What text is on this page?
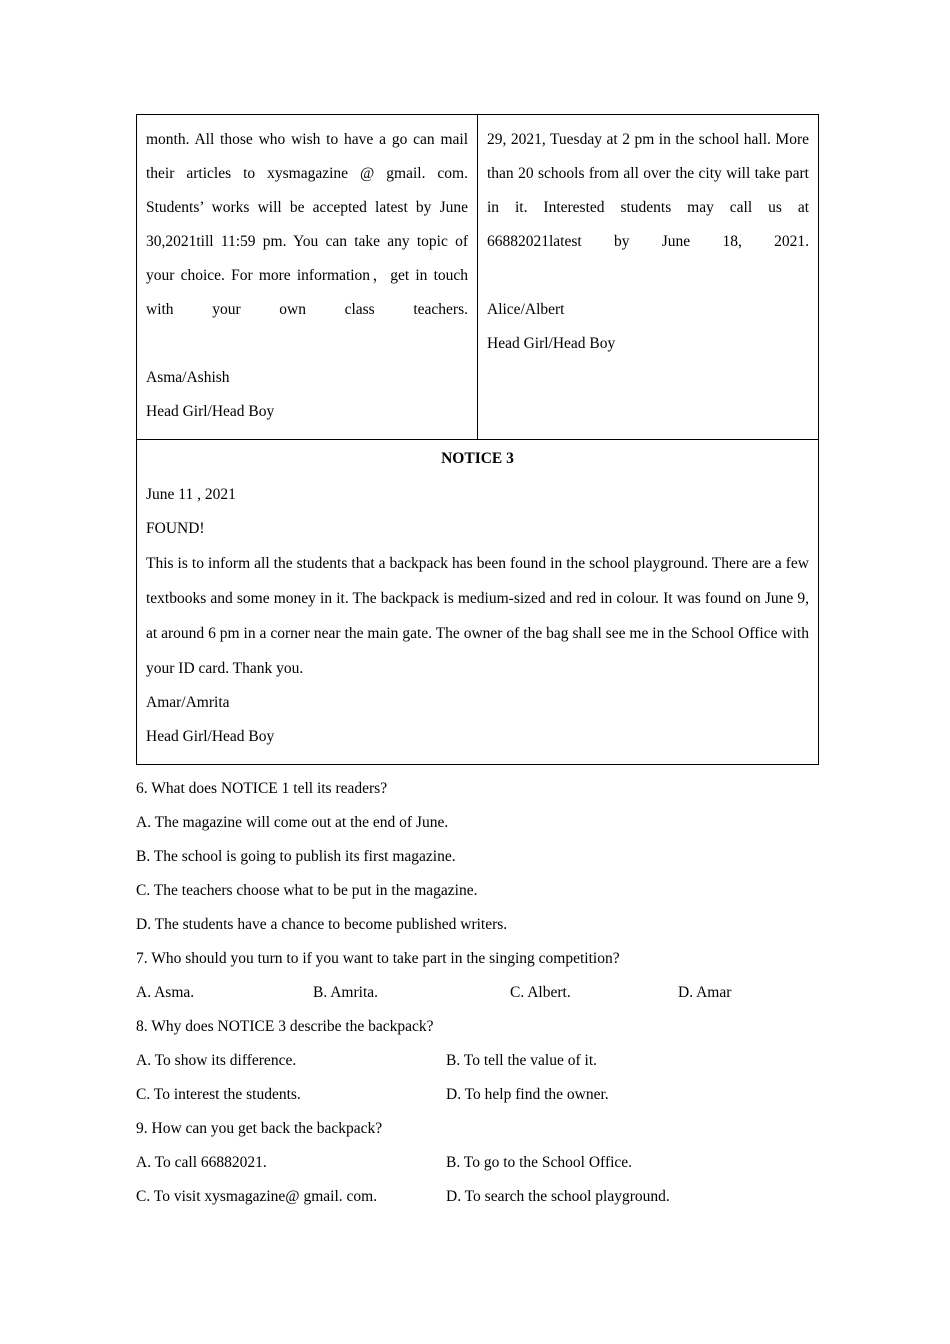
month. All those who wish to have a go can mail their articles to xysmagazine @ gmail. com. Students’ works will be accepted latest by June 30,2021till 11:59 pm. You can take any topic of your choice. For more information，get in touch with your own class teachers.

Asma/Ashish

Head Girl/Head Boy

29, 2021, Tuesday at 2 pm in the school hall. More than 20 schools from all over the city will take part in it. Interested students may call us at 66882021latest by June 18, 2021.

Alice/Albert

Head Girl/Head Boy

NOTICE 3

June 11 , 2021

FOUND!

This is to inform all the students that a backpack has been found in the school playground. There are a few textbooks and some money in it. The backpack is medium-sized and red in colour. It was found on June 9, at around 6 pm in a corner near the main gate. The owner of the bag shall see me in the School Office with your ID card. Thank you.

Amar/Amrita

Head Girl/Head Boy

6. What does NOTICE 1 tell its readers?
A. The magazine will come out at the end of June.
B. The school is going to publish its first magazine.
C. The teachers choose what to be put in the magazine.
D. The students have a chance to become published writers.
7. Who should you turn to if you want to take part in the singing competition?
A. Asma.	B. Amrita.	C. Albert.	D. Amar
8. Why does NOTICE 3 describe the backpack?
A. To show its difference.	B. To tell the value of it.
C. To interest the students.	D. To help find the owner.
9. How can you get back the backpack?
A. To call 66882021.	B. To go to the School Office.
C. To visit xysmagazine@ gmail. com.	D. To search the school playground.
